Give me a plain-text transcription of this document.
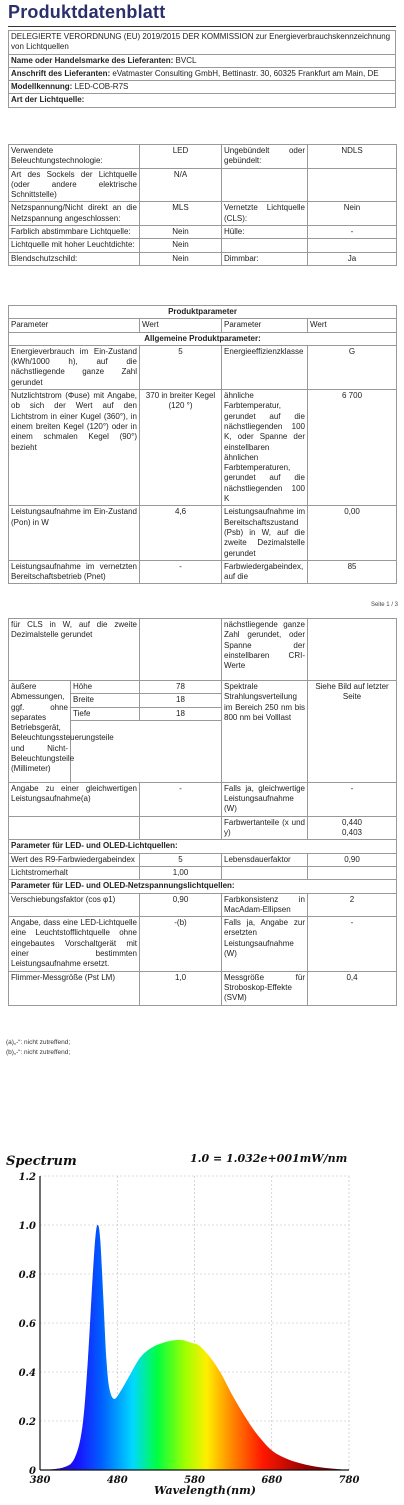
Produktdatenblatt
DELEGIERTE VERORDNUNG (EU) 2019/2015 DER KOMMISSION zur Energieverbrauchskennzeichnung von Lichtquellen
Name oder Handelsmarke des Lieferanten: BVCL
Anschrift des Lieferanten: eVatmaster Consulting GmbH, Bettinastr. 30, 60325 Frankfurt am Main, DE
Modellkennung: LED-COB-R7S
Art der Lichtquelle:
Verwendete Beleuchtungstechnologie:	LED	Ungebündelt oder gebündelt:	NDLS
Art des Sockels der Lichtquelle (oder andere elektrische Schnittstelle)	N/A		
Netzspannung/Nicht direkt an die Netzspannung angeschlossen:	MLS	Vernetzte Lichtquelle (CLS):	Nein
Farblich abstimmbare Lichtquelle:	Nein	Hülle:	-
Lichtquelle mit hoher Leuchtdichte:	Nein		
Blendschutzschild:	Nein	Dimmbar:	Ja
Produktparameter			
Parameter	Wert	Parameter	Wert
Allgemeine Produktparameter:			
Energieverbrauch im Ein-Zustand (kWh/1000 h), auf die nächstliegende ganze Zahl gerundet	5	Energieeffizienzklasse	G
Nutzlichtstrom (Φuse) mit Angabe, ob sich der Wert auf den Lichtstrom in einer Kugel (360°), in einem breiten Kegel (120°) oder in einem schmalen Kegel (90°) bezieht	370 in breiter Kegel (120 °)	ähnliche Farbtemperatur, gerundet auf die nächstliegenden 100 K, oder Spanne der einstellbaren ähnlichen Farbtemperaturen, gerundet auf die nächstliegenden 100 K	6 700
Leistungsaufnahme im Ein-Zustand (Pon) in W	4,6	Leistungsaufnahme im Bereitschaftszustand (Psb) in W, auf die zweite Dezimalstelle gerundet	0,00
Leistungsaufnahme im vernetzten Bereitschaftsbetrieb (Pnet)	-	Farbwiedergabeindex, auf die	85
Seite 1 / 3
für CLS in W, auf die zweite Dezimalstelle gerundet			nächstliegende ganze Zahl gerundet, oder Spanne der einstellbaren CRI-Werte	
äußere Abmessungen, ggf. ohne separates Betriebsgerät, Beleuchtungssteuerungsteile und Nicht-Beleuchtungsteile (Millimeter)	Höhe	78	Spektrale Strahlungsverteilung im Bereich 250 nm bis 800 nm bei Volllast	Siehe Bild auf letzter Seite
	Breite	18		
	Tiefe	18		

Angabe zu einer gleichwertigen Leistungsaufnahme(a)		-	Falls ja, gleichwertige Leistungsaufnahme (W)	-
			Farbwertanteile (x und y)	0,440
0,403
Parameter für LED- und OLED-Lichtquellen:				
Wert des R9-Farbwiedergabeindex		5	Lebensdauerfaktor	0,90
Lichtstromerhalt		1,00		
Parameter für LED- und OLED-Netzspannungslichtquellen:				
Verschiebungsfaktor (cos φ1)		0,90	Farbkonsistenz in MacAdam-Ellipsen	2
Angabe, dass eine LED-Lichtquelle eine Leuchtstofflichtquelle ohne eingebautes Vorschaltgerät mit einer bestimmten Leistungsaufnahme ersetzt.		-(b)	Falls ja, Angabe zur ersetzten Leistungsaufnahme (W)	-
Flimmer-Messgröße (Pst LM)		1,0	Messgröße für Stroboskop-Effekte (SVM)	0,4
(a)„-“: nicht zutreffend;
(b)„-“: nicht zutreffend;
380	480	580	680	780
0
0.2
0.4
0.6
0.8
1.0
1.2
Spectrum	1.0 = 1.032e+001mW/nm
Wavelength(nm)
